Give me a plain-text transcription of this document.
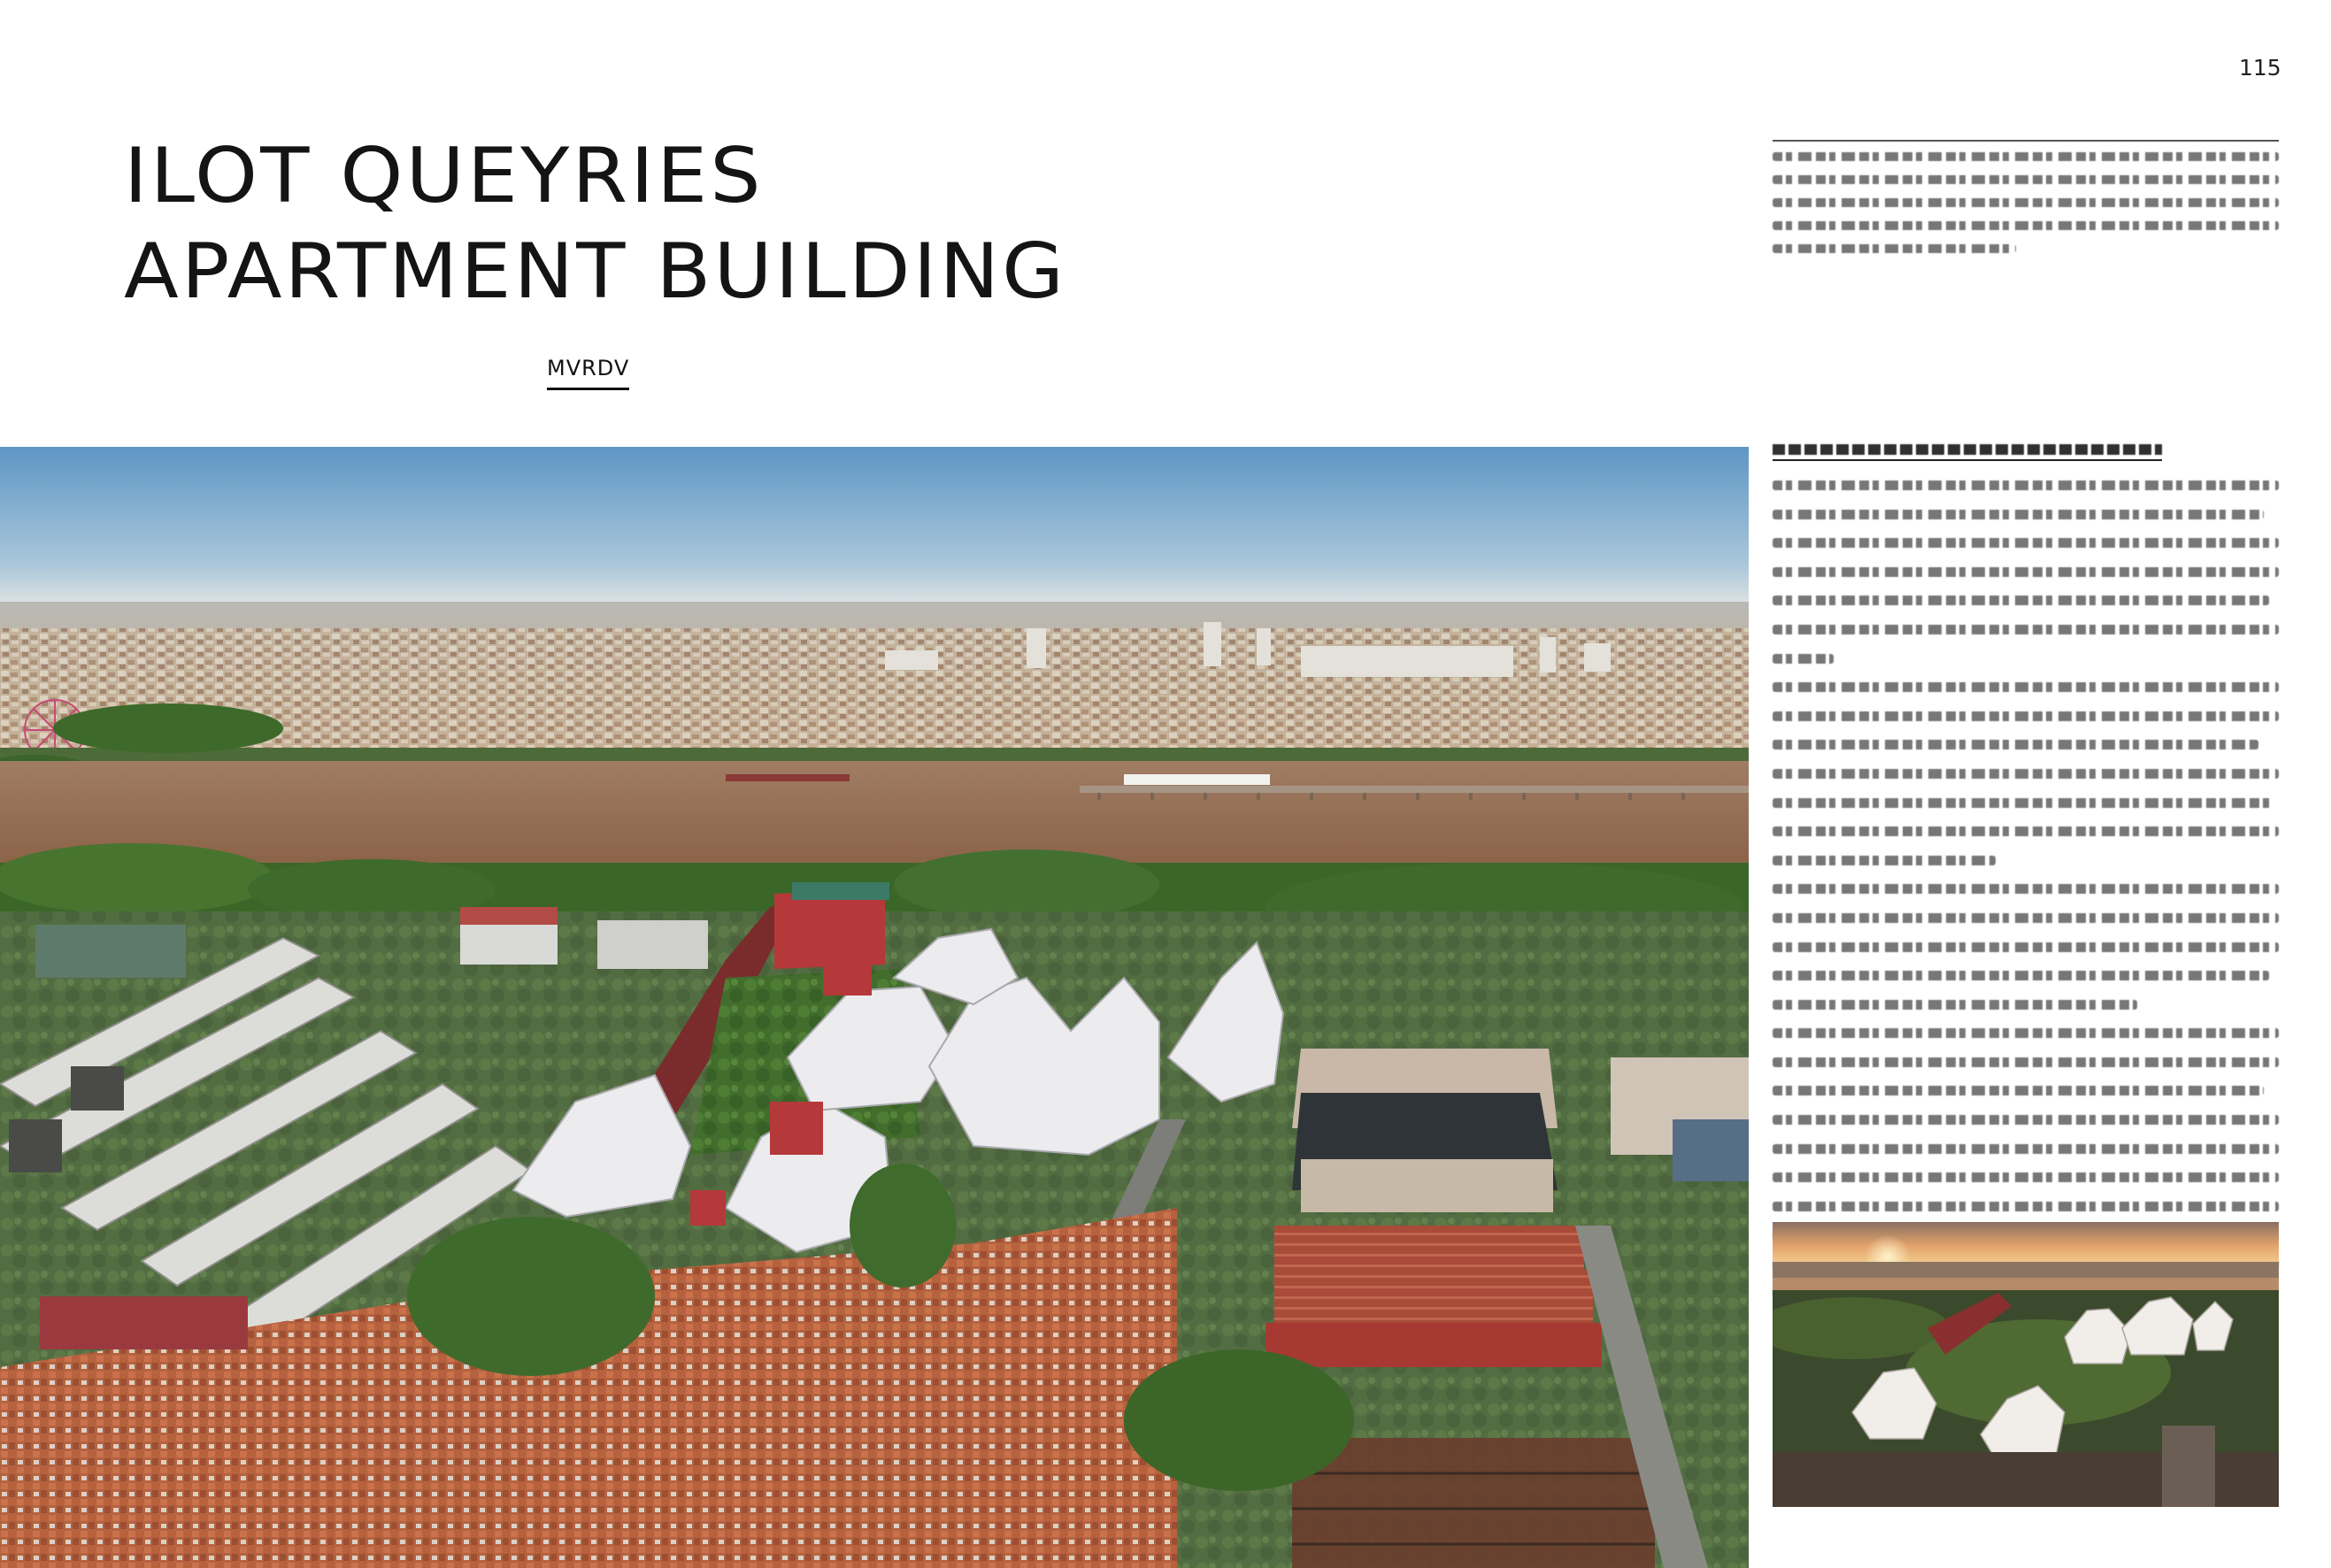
115
ILOT QUEYRIES
APARTMENT BUILDING
MVRDV
